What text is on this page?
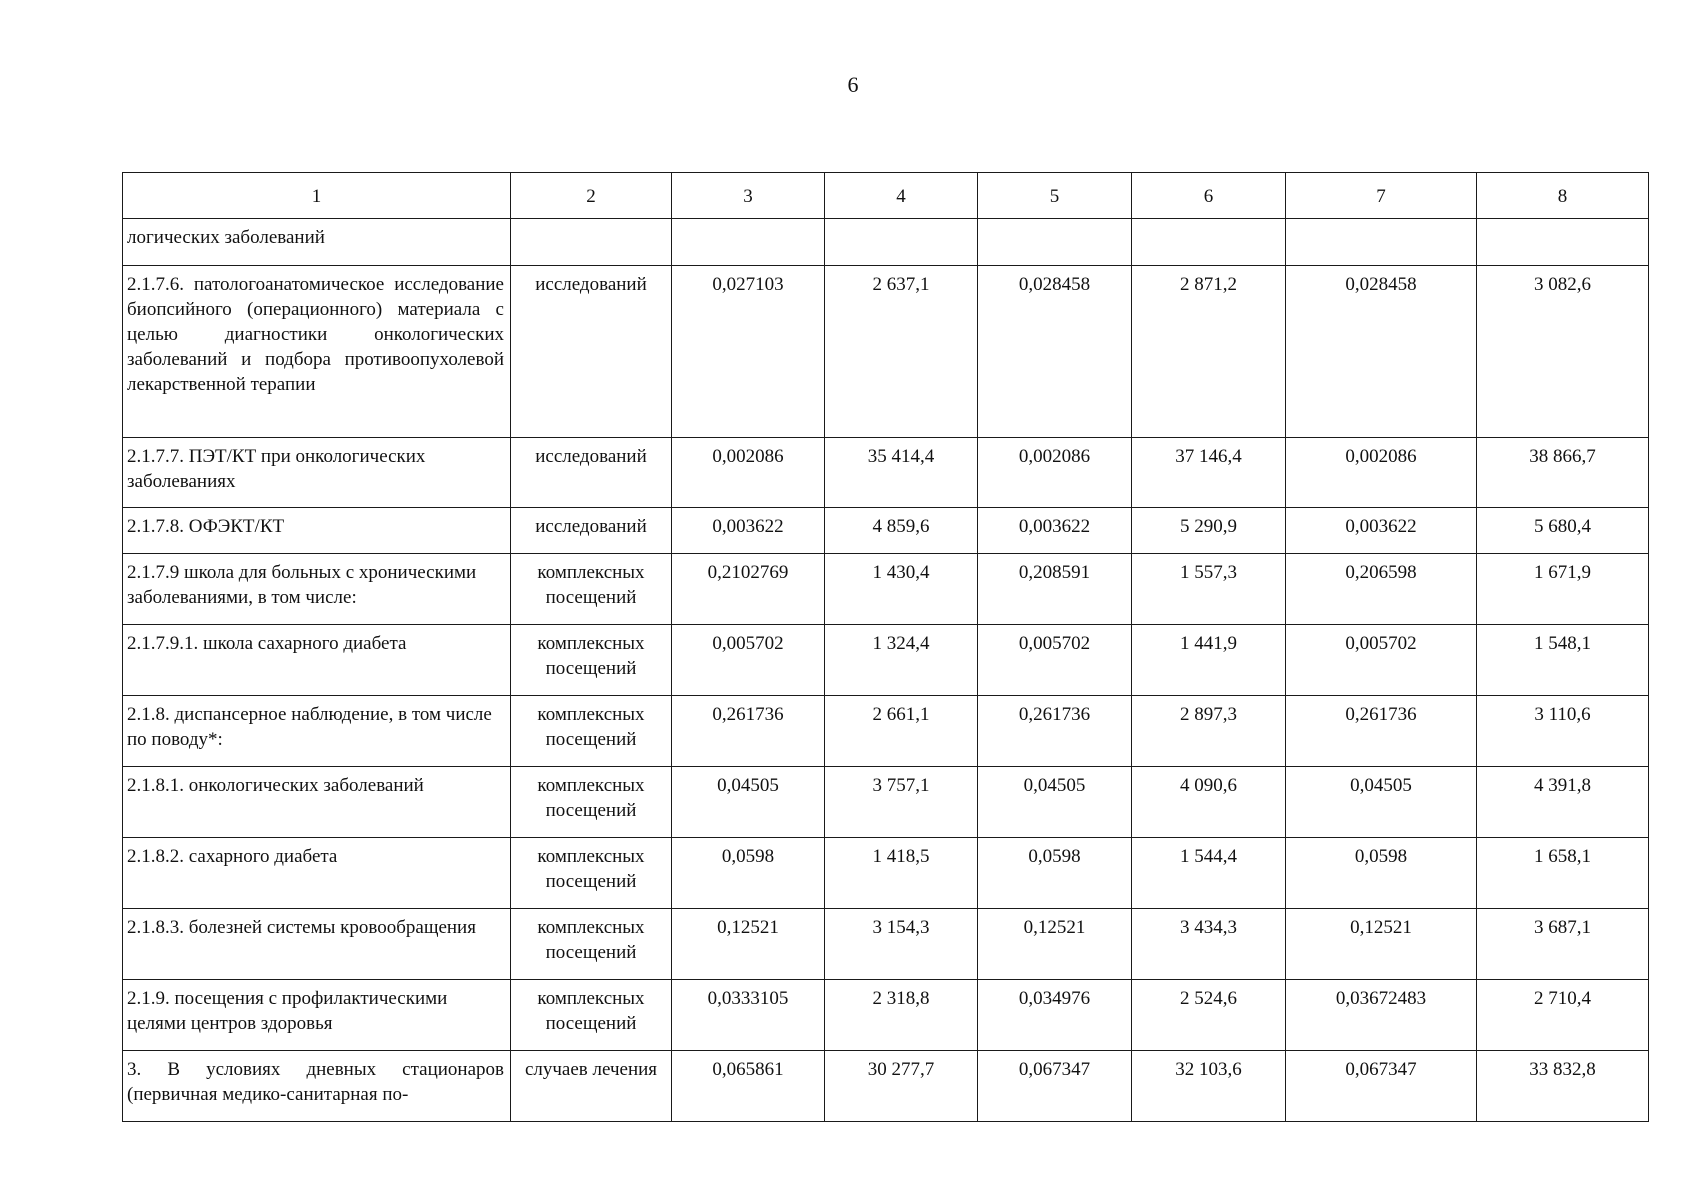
6
1	2	3	4	5	6	7	8
логических заболеваний							
2.1.7.6. патологоанатомическое исследование биопсийного (операционного) материала с целью диагностики онкологических заболеваний и подбора противоопухолевой лекарственной терапии	исследований	0,027103	2 637,1	0,028458	2 871,2	0,028458	3 082,6
2.1.7.7. ПЭТ/КТ при онкологических заболеваниях	исследований	0,002086	35 414,4	0,002086	37 146,4	0,002086	38 866,7
2.1.7.8. ОФЭКТ/КТ	исследований	0,003622	4 859,6	0,003622	5 290,9	0,003622	5 680,4
2.1.7.9 школа для больных с хроническими заболеваниями, в том числе:	комплексных посещений	0,2102769	1 430,4	0,208591	1 557,3	0,206598	1 671,9
2.1.7.9.1. школа сахарного диабета	комплексных посещений	0,005702	1 324,4	0,005702	1 441,9	0,005702	1 548,1
2.1.8. диспансерное наблюдение, в том числе по поводу*:	комплексных посещений	0,261736	2 661,1	0,261736	2 897,3	0,261736	3 110,6
2.1.8.1. онкологических заболеваний	комплексных посещений	0,04505	3 757,1	0,04505	4 090,6	0,04505	4 391,8
2.1.8.2. сахарного диабета	комплексных посещений	0,0598	1 418,5	0,0598	1 544,4	0,0598	1 658,1
2.1.8.3. болезней системы кровообращения	комплексных посещений	0,12521	3 154,3	0,12521	3 434,3	0,12521	3 687,1
2.1.9. посещения с профилактическими целями центров здоровья	комплексных посещений	0,0333105	2 318,8	0,034976	2 524,6	0,03672483	2 710,4
3. В условиях дневных стационаров (первичная медико-санитарная по-	случаев лечения	0,065861	30 277,7	0,067347	32 103,6	0,067347	33 832,8
